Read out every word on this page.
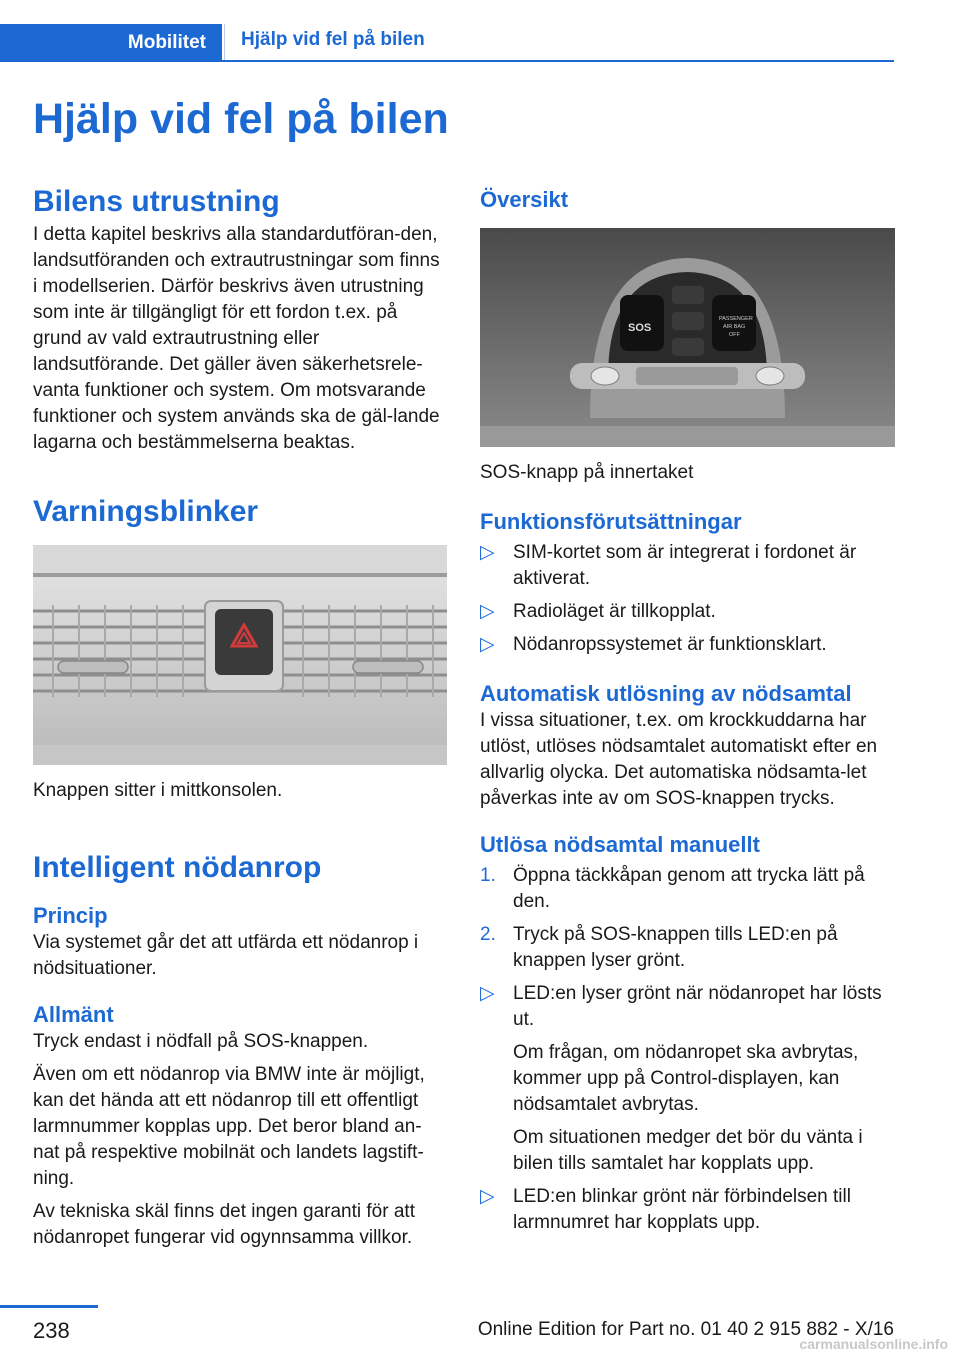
Mobilitet	Hjälp vid fel på bilen
Hjälp vid fel på bilen
Bilens utrustning

I detta kapitel beskrivs alla standardutföran-den, landsutföranden och extrautrustningar som finns i modellserien. Därför beskrivs även utrustning som inte är tillgängligt för ett fordon t.ex. på grund av vald extrautrustning eller landsutförande. Det gäller även säkerhetsrele-vanta funktioner och system. Om motsvarande funktioner och system används ska de gäl-lande lagarna och bestämmelserna beaktas.

Varningsblinker

Knappen sitter i mittkonsolen.

Intelligent nödanrop
Princip

Via systemet går det att utfärda ett nödanrop i nödsituationer.

Allmänt

Tryck endast i nödfall på SOS-knappen.

Även om ett nödanrop via BMW inte är möjligt, kan det hända att ett nödanrop till ett offentligt larmnummer kopplas upp. Det beror bland an-nat på respektive mobilnät och landets lagstift-ning.

Av tekniska skäl finns det ingen garanti för att nödanropet fungerar vid ogynnsamma villkor.

Översikt
SOS
PASSENGER
AIR BAG
OFF

SOS-knapp på innertaket

Funktionsförutsättningar
▷ SIM-kortet som är integrerat i fordonet är aktiverat.
▷ Radioläget är tillkopplat.
▷ Nödanropssystemet är funktionsklart.
Automatisk utlösning av nödsamtal

I vissa situationer, t.ex. om krockkuddarna har utlöst, utlöses nödsamtalet automatiskt efter en allvarlig olycka. Det automatiska nödsamta-let påverkas inte av om SOS-knappen trycks.

Utlösa nödsamtal manuellt
1. Öppna täckkåpan genom att trycka lätt på den.
2. Tryck på SOS-knappen tills LED:en på knappen lyser grönt.
▷ LED:en lyser grönt när nödanropet har lösts ut.
Om frågan, om nödanropet ska avbrytas, kommer upp på Control-displayen, kan nödsamtalet avbrytas.
Om situationen medger det bör du vänta i bilen tills samtalet har kopplats upp.
▷ LED:en blinkar grönt när förbindelsen till larmnumret har kopplats upp.
238	Online Edition for Part no. 01 40 2 915 882 - X/16
carmanualsonline.info
